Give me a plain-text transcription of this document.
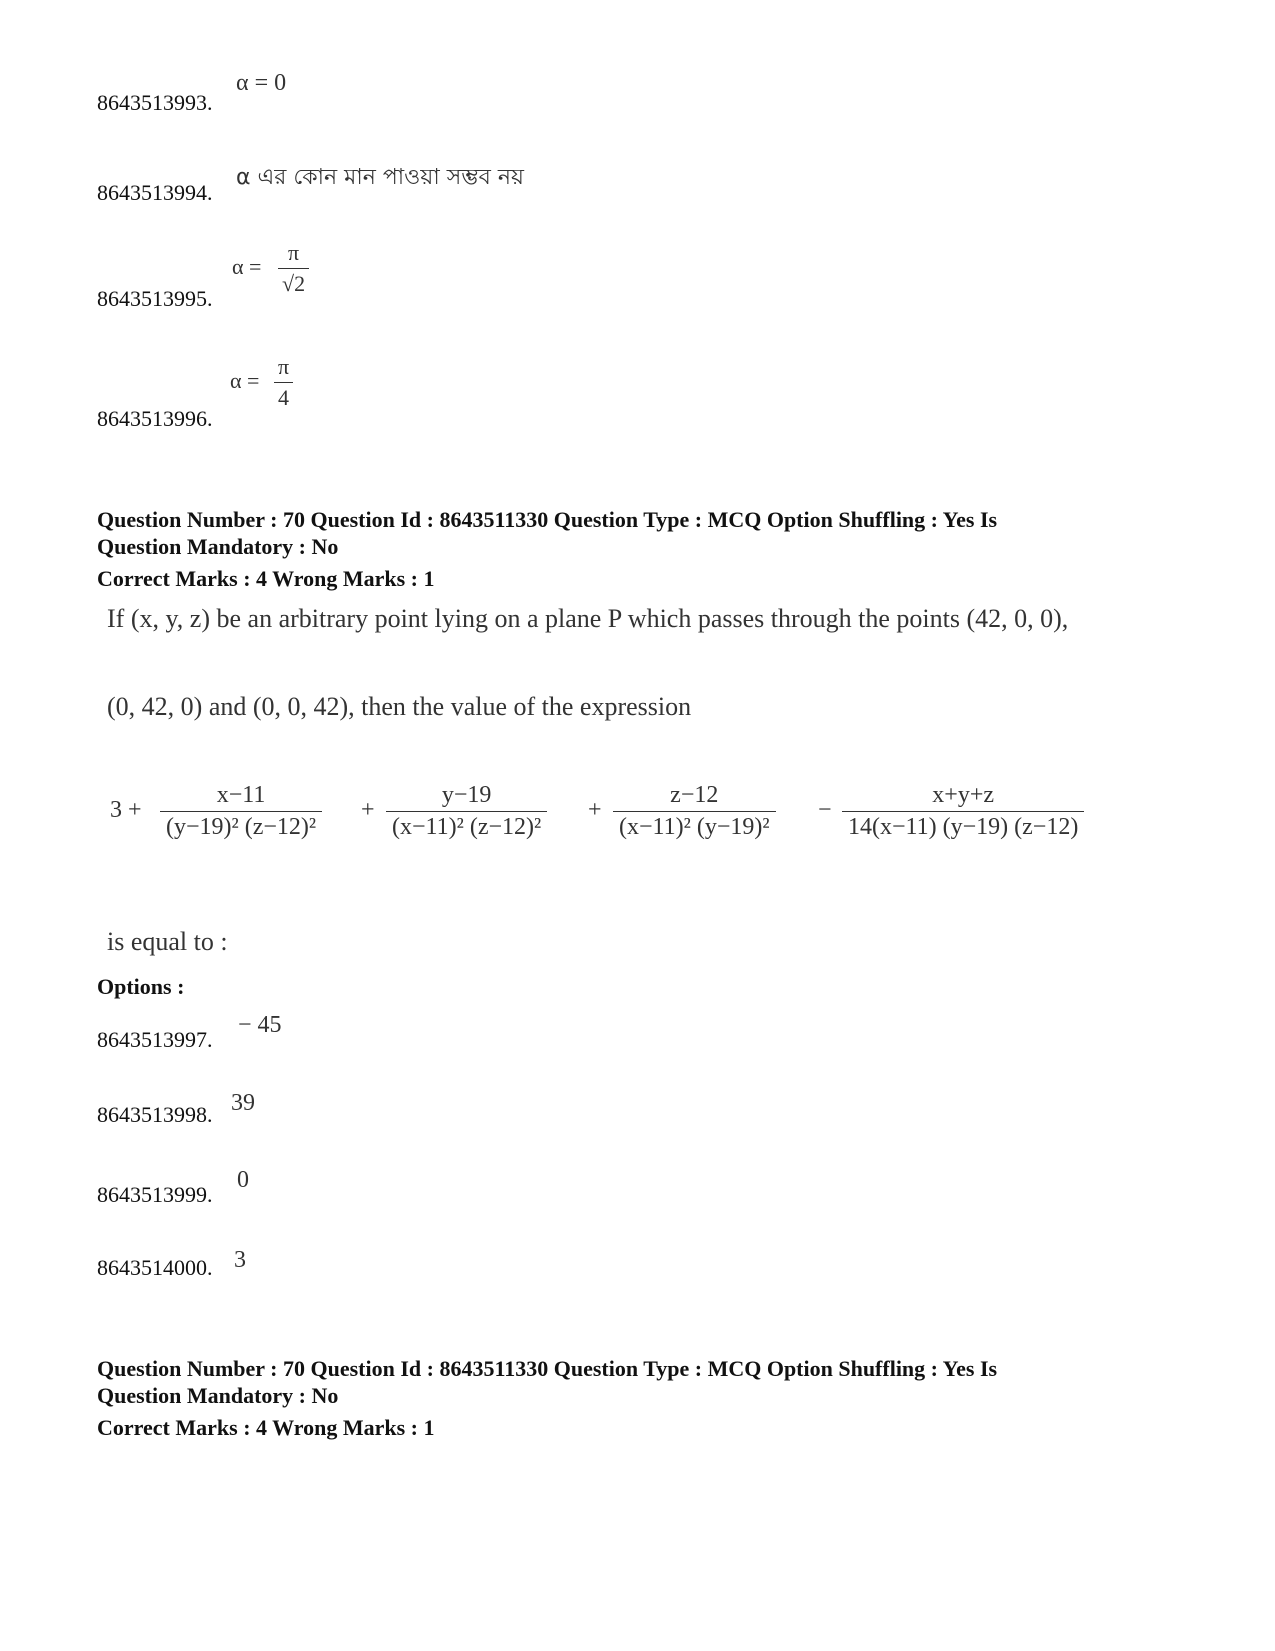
α = 0
8643513993.
α এর কোন মান পাওয়া সম্ভব নয়
8643513994.
$\alpha = \frac{\pi}{√2}$
8643513995.
$\alpha = \frac{\pi}{4}$
8643513996.
Question Number : 70 Question Id : 8643511330 Question Type : MCQ Option Shuffling : Yes Is
Question Mandatory : No
Correct Marks : 4 Wrong Marks : 1
If (x, y, z) be an arbitrary point lying on a plane P which passes through the points (42, 0, 0),
(0, 42, 0) and (0, 0, 42), then the value of the expression
$3 + \frac{x-11}{\text{(y−19)² (z−12)²}} + \frac{y-19}{\text{(x−11)² (z−12)²}} + \frac{z-12}{\text{(x−11)² (y−19)²}} - \frac{x+y+z}{14(x-11) (y-19) (z-12)}$
is equal to :
Options :
− 45
8643513997.
39
8643513998.
0
8643513999.
3
8643514000.
Question Number : 70 Question Id : 8643511330 Question Type : MCQ Option Shuffling : Yes Is
Question Mandatory : No
Correct Marks : 4 Wrong Marks : 1
